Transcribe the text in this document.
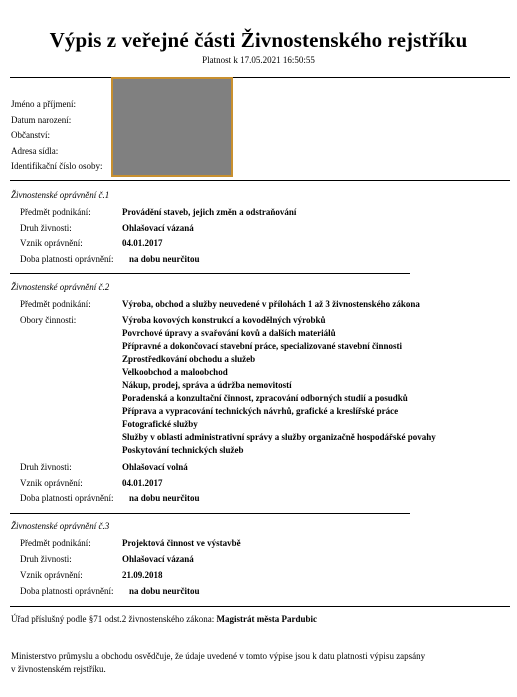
Výpis z veřejné části Živnostenského rejstříku
Platnost k 17.05.2021 16:50:55
Jméno a příjmení:
Datum narození:
Občanství:
Adresa sídla:
Identifikační číslo osoby:
Živnostenské oprávnění č.1
Předmět podnikání:	Provádění staveb, jejich změn a odstraňování
Druh živnosti:	Ohlašovací vázaná
Vznik oprávnění:	04.01.2017
Doba platnosti oprávnění: na dobu neurčitou
Živnostenské oprávnění č.2
Předmět podnikání:	Výroba, obchod a služby neuvedené v přílohách 1 až 3 živnostenského zákona
Obory činnosti:	Výroba kovových konstrukcí a kovodělných výrobků
Povrchové úpravy a svařování kovů a dalších materiálů
Přípravné a dokončovací stavební práce, specializované stavební činnosti
Zprostředkování obchodu a služeb
Velkoobchod a maloobchod
Nákup, prodej, správa a údržba nemovitostí
Poradenská a konzultační činnost, zpracování odborných studií a posudků
Příprava a vypracování technických návrhů, grafické a kreslířské práce
Fotografické služby
Služby v oblasti administrativní správy a služby organizačně hospodářské povahy
Poskytování technických služeb
Druh živnosti:	Ohlašovací volná
Vznik oprávnění:	04.01.2017
Doba platnosti oprávnění: na dobu neurčitou
Živnostenské oprávnění č.3
Předmět podnikání:	Projektová činnost ve výstavbě
Druh živnosti:	Ohlašovací vázaná
Vznik oprávnění:	21.09.2018
Doba platnosti oprávnění: na dobu neurčitou
Úřad příslušný podle §71 odst.2 živnostenského zákona: Magistrát města Pardubic
Ministerstvo průmyslu a obchodu osvědčuje, že údaje uvedené v tomto výpise jsou k datu platnosti výpisu zapsány
v živnostenském rejstříku.
